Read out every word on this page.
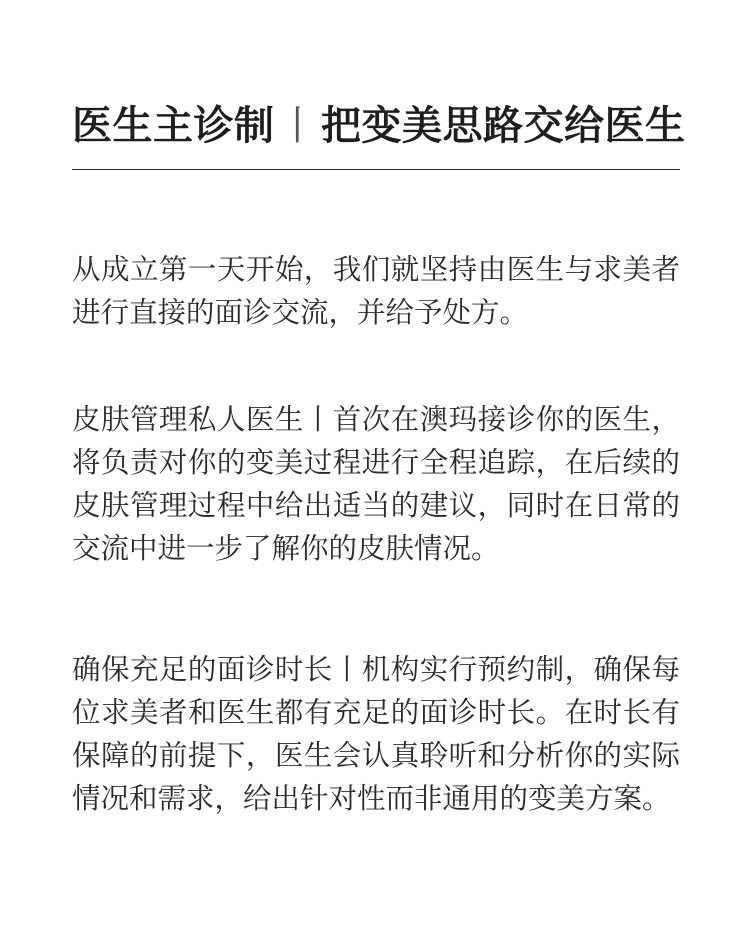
医生主诊制丨把变美思路交给医生

从成立第一天开始，我们就坚持由医生与求美者进行直接的面诊交流，并给予处方。

皮肤管理私人医生丨首次在澳玛接诊你的医生，将负责对你的变美过程进行全程追踪，在后续的皮肤管理过程中给出适当的建议，同时在日常的交流中进一步了解你的皮肤情况。

确保充足的面诊时长丨机构实行预约制，确保每位求美者和医生都有充足的面诊时长。在时长有保障的前提下，医生会认真聆听和分析你的实际情况和需求，给出针对性而非通用的变美方案。
